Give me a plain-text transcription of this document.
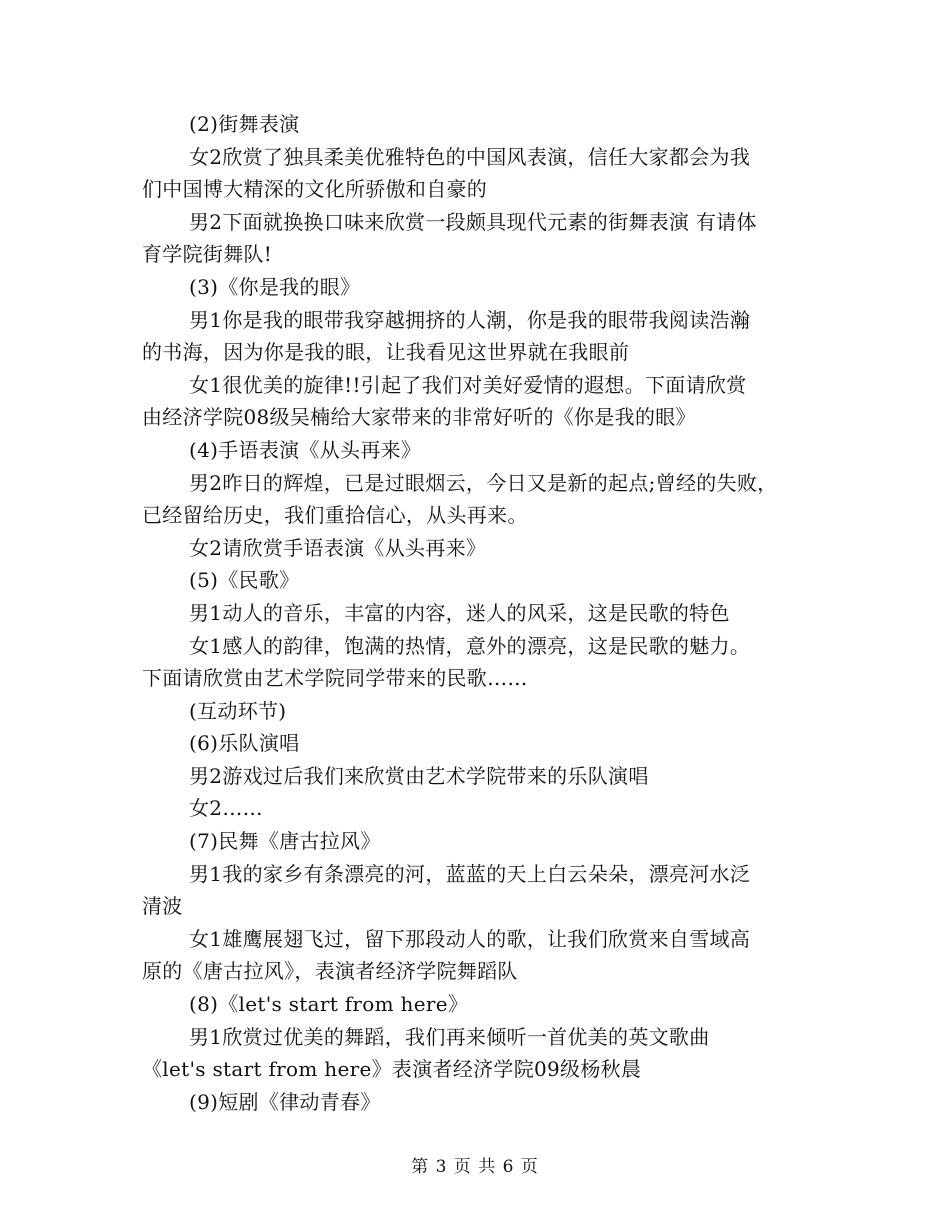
(2)街舞表演
女2欣赏了独具柔美优雅特色的中国风表演，信任大家都会为我
们中国博大精深的文化所骄傲和自豪的
男2下面就换换口味来欣赏一段颇具现代元素的街舞表演 有请体
育学院街舞队!
(3)《你是我的眼》
男1你是我的眼带我穿越拥挤的人潮，你是我的眼带我阅读浩瀚
的书海，因为你是我的眼，让我看见这世界就在我眼前
女1很优美的旋律!!引起了我们对美好爱情的遐想。下面请欣赏
由经济学院08级吴楠给大家带来的非常好听的《你是我的眼》
(4)手语表演《从头再来》
男2昨日的辉煌，已是过眼烟云，今日又是新的起点;曾经的失败，
已经留给历史，我们重拾信心，从头再来。
女2请欣赏手语表演《从头再来》
(5)《民歌》
男1动人的音乐，丰富的内容，迷人的风采，这是民歌的特色
女1感人的韵律，饱满的热情，意外的漂亮，这是民歌的魅力。
下面请欣赏由艺术学院同学带来的民歌……
(互动环节)
(6)乐队演唱
男2游戏过后我们来欣赏由艺术学院带来的乐队演唱
女2……
(7)民舞《唐古拉风》
男1我的家乡有条漂亮的河，蓝蓝的天上白云朵朵，漂亮河水泛
清波
女1雄鹰展翅飞过，留下那段动人的歌，让我们欣赏来自雪域高
原的《唐古拉风》，表演者经济学院舞蹈队
(8)《let's start from here》
男1欣赏过优美的舞蹈，我们再来倾听一首优美的英文歌曲
《let's start from here》表演者经济学院09级杨秋晨
(9)短剧《律动青春》
第 3 页 共 6 页
